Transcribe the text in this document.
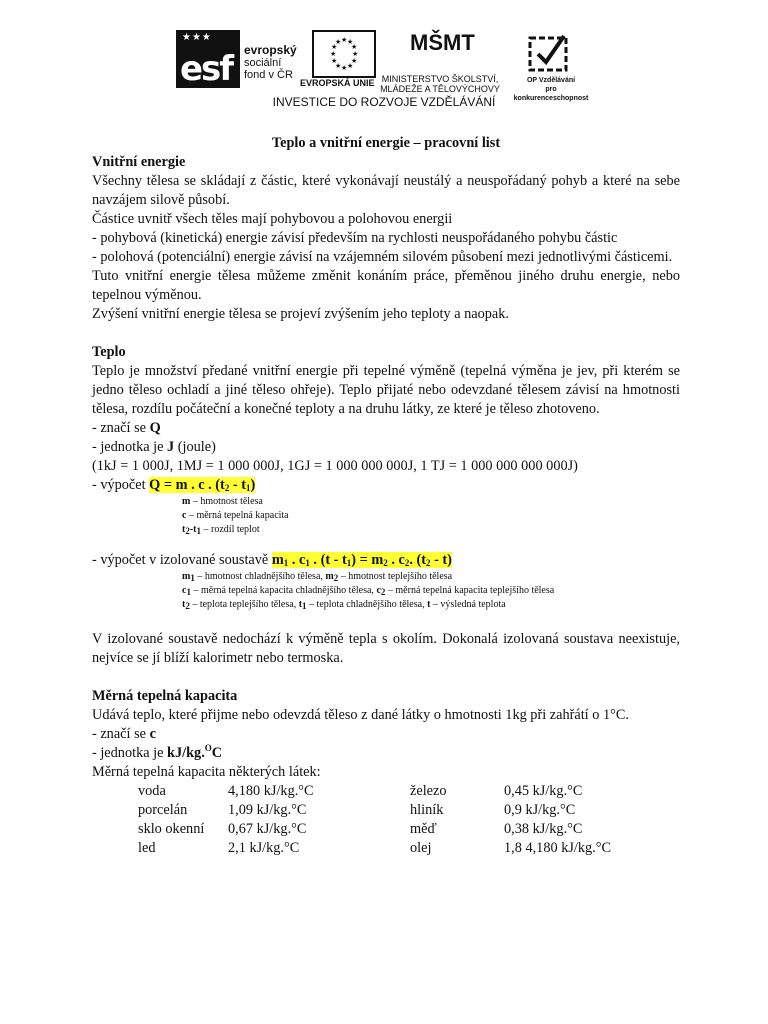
★★★
esf evropský
sociální
fond v ČR
★ ★
★
★
★
★
★
★
★
★
★
★
EVROPSKÁ UNIE
MŠMT
MINISTERSTVO ŠKOLSTVÍ,
MLÁDEŽE A TĚLOVÝCHOVY
OP Vzdělávání
pro konkurenceschopnost
INVESTICE DO ROZVOJE VZDĚLÁVÁNÍ

Teplo a vnitřní energie – pracovní list

Vnitřní energie

Všechny tělesa se skládají z částic, které vykonávají neustálý a neuspořádaný pohyb a které na sebe navzájem silově působí.

Částice uvnitř všech těles mají pohybovou a polohovou energii

- pohybová (kinetická) energie závisí především na rychlosti neuspořádaného pohybu částic

- polohová (potenciální) energie závisí na vzájemném silovém působení mezi jednotlivými částicemi.

Tuto vnitřní energie tělesa můžeme změnit konáním práce, přeměnou jiného druhu energie, nebo tepelnou výměnou.

Zvýšení vnitřní energie tělesa se projeví zvýšením jeho teploty a naopak.

Teplo

Teplo je množství předané vnitřní energie při tepelné výměně (tepelná výměna je jev, při kterém se jedno těleso ochladí a jiné těleso ohřeje). Teplo přijaté nebo odevzdané tělesem závisí na hmotnosti tělesa, rozdílu počáteční a konečné teploty a na druhu látky, ze které je těleso zhotoveno.

- značí se Q

- jednotka je J (joule)

(1kJ = 1 000J, 1MJ = 1 000 000J, 1GJ = 1 000 000 000J, 1 TJ = 1 000 000 000 000J)

- výpočet Q = m . c . $(t_2 - t_1)$

m – hmotnost tělesa
c – měrná tepelná kapacita
$t_2-t_1$ – rozdíl teplot

- výpočet v izolované soustavě $m_1$ . $c_1$ . $(t - t_1) = m_2$ . $c_2$. $(t_2 - t)$

$m_1$ – hmotnost chladnějšího tělesa, $m_2$ – hmotnost teplejšího tělesa
$c_1$ – měrná tepelná kapacita chladnějšího tělesa, $c_2$ – měrná tepelná kapacita teplejšího tělesa
$t_2$ – teplota teplejšího tělesa, $t_1$ – teplota chladnějšího tělesa, t – výsledná teplota

V izolované soustavě nedochází k výměně tepla s okolím. Dokonalá izolovaná soustava neexistuje, nejvíce se jí blíží kalorimetr nebo termoska.

Měrná tepelná kapacita

Udává teplo, které přijme nebo odevzdá těleso z dané látky o hmotnosti 1kg při zahřátí o 1°C.

- značí se c

- jednotka je kJ/kg.$^O$C

Měrná tepelná kapacita některých látek:

voda	4,180 kJ/kg.°C	železo	0,45 kJ/kg.°C
porcelán	1,09 kJ/kg.°C	hliník	0,9 kJ/kg.°C
sklo okenní	0,67 kJ/kg.°C	měď	0,38 kJ/kg.°C
led	2,1 kJ/kg.°C	olej	1,8 4,180 kJ/kg.°C
